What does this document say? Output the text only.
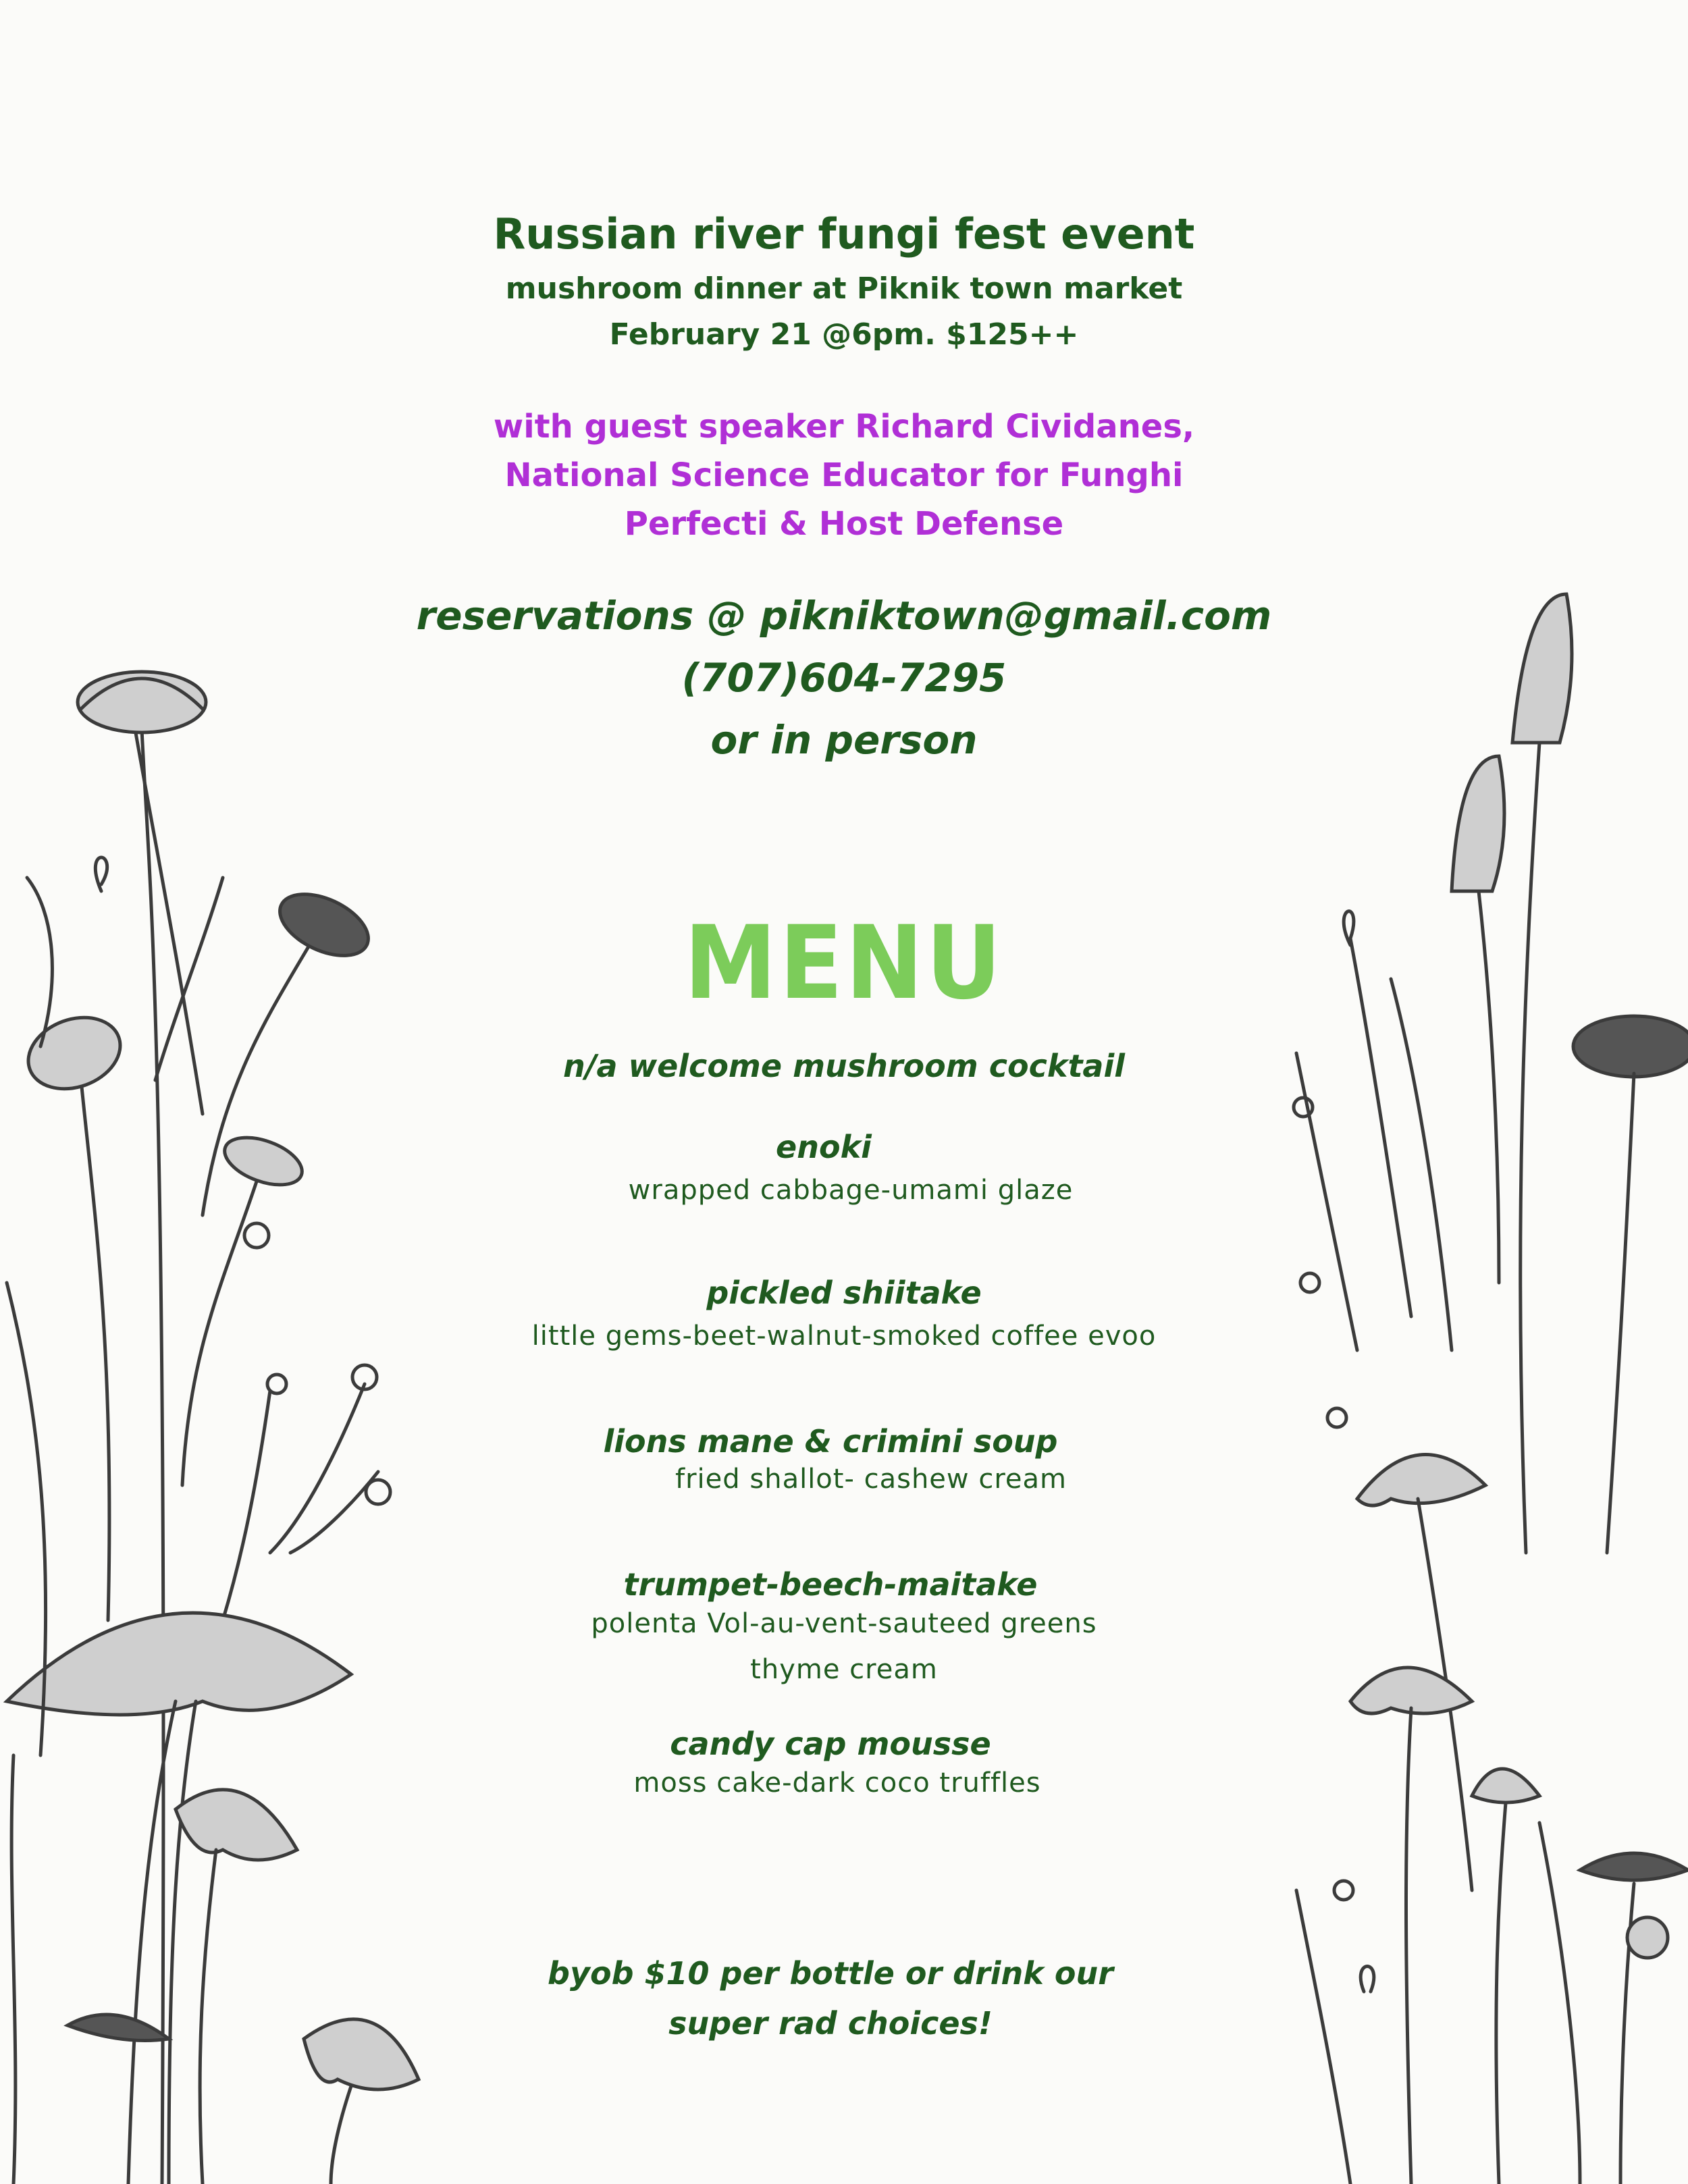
Russian river fungi fest event

mushroom dinner at Piknik town market

February 21 @6pm. $125++

with guest speaker Richard Cividanes, National Science Educator for Funghi Perfecti & Host Defense

reservations @ pikniktown@gmail.com

(707)604-7295

or in person

MENU

n/a welcome mushroom cocktail

enoki

wrapped cabbage-umami glaze

pickled shiitake

little gems-beet-walnut-smoked coffee evoo

lions mane & crimini soup

fried shallot- cashew cream

trumpet-beech-maitake

polenta Vol-au-vent-sauteed greens

thyme cream

candy cap mousse

moss cake-dark coco truffles

byob $10 per bottle or drink our

super rad choices!
